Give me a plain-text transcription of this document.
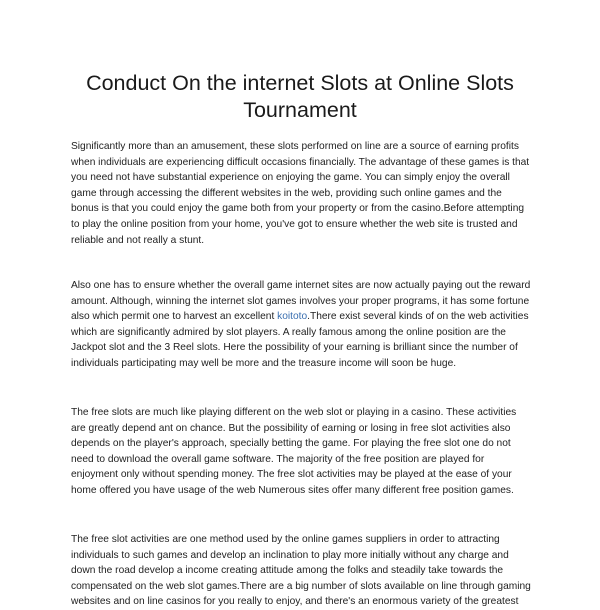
Conduct On the internet Slots at Online Slots Tournament

Significantly more than an amusement, these slots performed on line are a source of earning profits when individuals are experiencing difficult occasions financially. The advantage of these games is that you need not have substantial experience on enjoying the game. You can simply enjoy the overall game through accessing the different websites in the web, providing such online games and the bonus is that you could enjoy the game both from your property or from the casino.Before attempting to play the online position from your home, you've got to ensure whether the web site is trusted and reliable and not really a stunt.

Also one has to ensure whether the overall game internet sites are now actually paying out the reward amount. Although, winning the internet slot games involves your proper programs, it has some fortune also which permit one to harvest an excellent koitoto.There exist several kinds of on the web activities which are significantly admired by slot players. A really famous among the online position are the Jackpot slot and the 3 Reel slots. Here the possibility of your earning is brilliant since the number of individuals participating may well be more and the treasure income will soon be huge.

The free slots are much like playing different on the web slot or playing in a casino. These activities are greatly depend ant on chance. But the possibility of earning or losing in free slot activities also depends on the player's approach, specially betting the game. For playing the free slot one do not need to download the overall game software. The majority of the free position are played for enjoyment only without spending money. The free slot activities may be played at the ease of your home offered you have usage of the web Numerous sites offer many different free position games.

The free slot activities are one method used by the online games suppliers in order to attracting individuals to such games and develop an inclination to play more initially without any charge and down the road develop a income creating attitude among the folks and steadily take towards the compensated on the web slot games.There are a big number of slots available on line through gaming websites and on line casinos for you really to enjoy, and there's an enormous variety of the greatest
